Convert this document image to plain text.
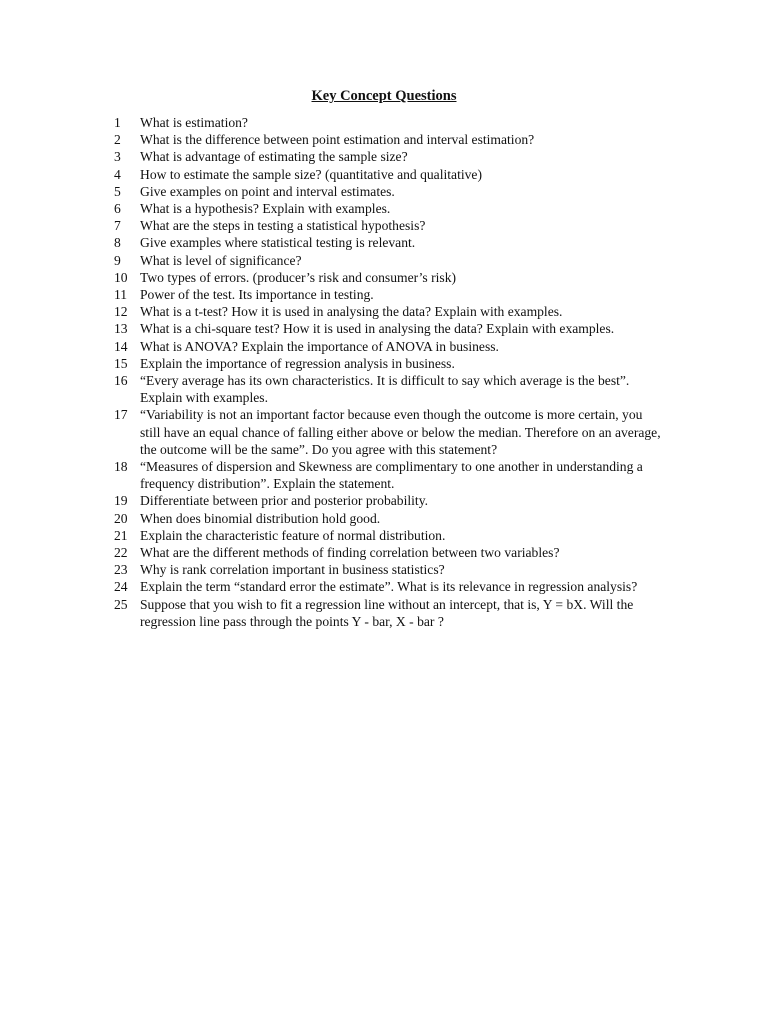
Key Concept Questions
1	What is estimation?
2	What is the difference between point estimation and interval estimation?
3	What is advantage of estimating the sample size?
4	How to estimate the sample size? (quantitative and qualitative)
5	Give examples on point and interval estimates.
6	What is a hypothesis? Explain with examples.
7	What are the steps in testing a statistical hypothesis?
8	Give examples where statistical testing is relevant.
9	What is level of significance?
10 Two types of errors. (producer’s risk and consumer’s risk)
11 Power of the test. Its importance in testing.
12 What is a t-test? How it is used in analysing the data? Explain with examples.
13 What is a chi-square test? How it is used in analysing the data? Explain with examples.
14 What is ANOVA? Explain the importance of ANOVA in business.
15 Explain the importance of regression analysis in business.
16 “Every average has its own characteristics. It is difficult to say which average is the best”. Explain with examples.
17 “Variability is not an important factor because even though the outcome is more certain, you still have an equal chance of falling either above or below the median. Therefore on an average, the outcome will be the same”. Do you agree with this statement?
18 “Measures of dispersion and Skewness are complimentary to one another in understanding a frequency distribution”. Explain the statement.
19 Differentiate between prior and posterior probability.
20 When does binomial distribution hold good.
21 Explain the characteristic feature of normal distribution.
22 What are the different methods of finding correlation between two variables?
23 Why is rank correlation important in business statistics?
24 Explain the term “standard error the estimate”. What is its relevance in regression analysis?
25 Suppose that you wish to fit a regression line without an intercept, that is, Y = bX. Will the regression line pass through the points Y - bar, X - bar ?
